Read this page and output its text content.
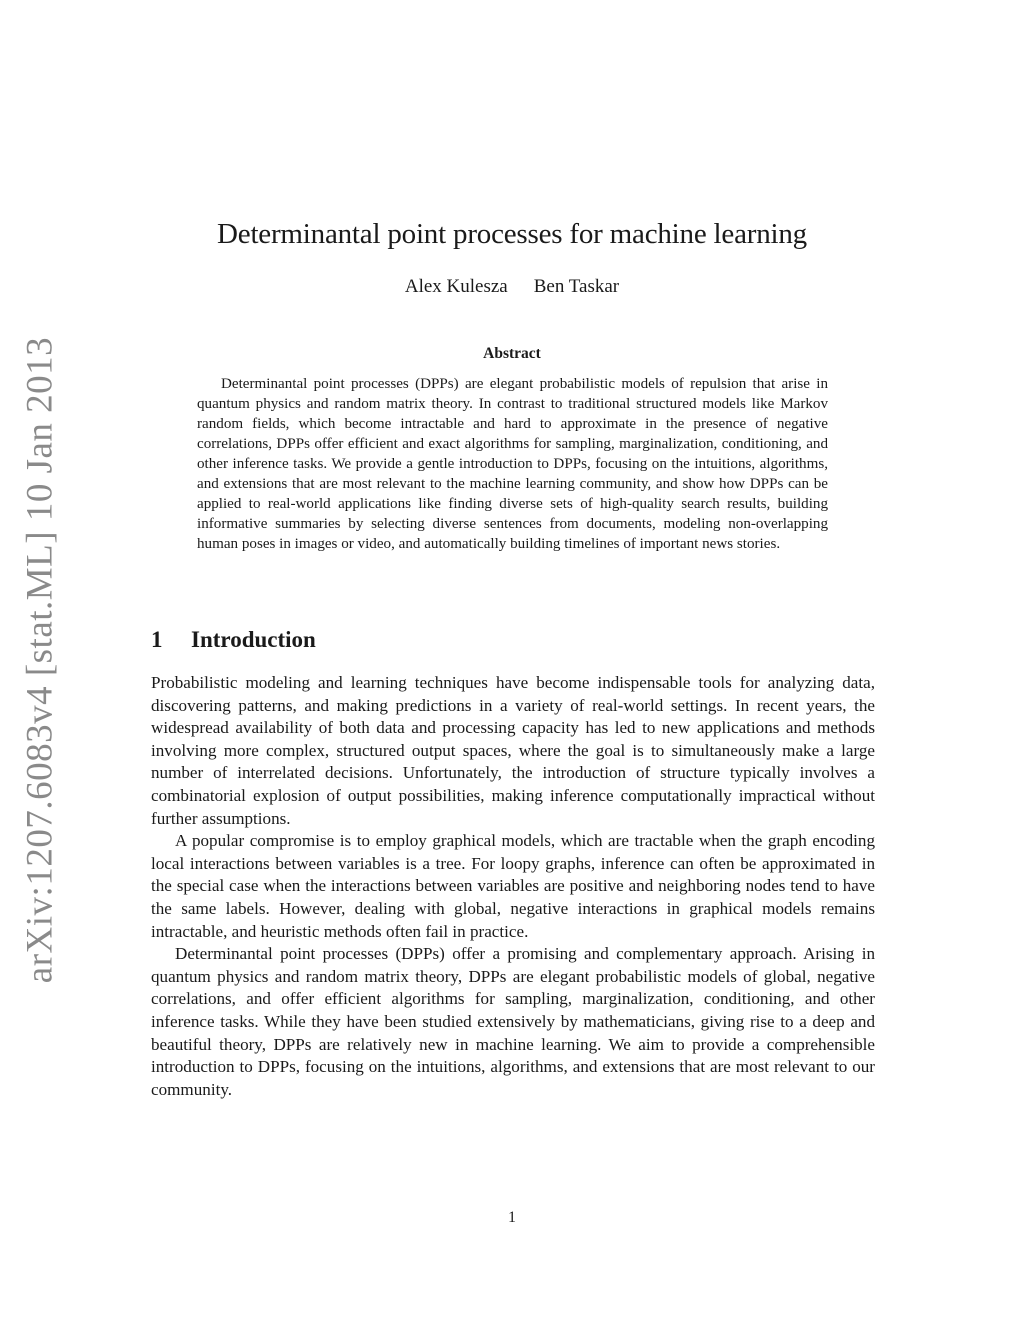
arXiv:1207.6083v4 [stat.ML] 10 Jan 2013
Determinantal point processes for machine learning
Alex Kulesza Ben Taskar
Abstract

Determinantal point processes (DPPs) are elegant probabilistic models of repulsion that arise in quantum physics and random matrix theory. In contrast to traditional structured models like Markov random fields, which become intractable and hard to approximate in the presence of negative correlations, DPPs offer efficient and exact algorithms for sampling, marginalization, conditioning, and other inference tasks. We provide a gentle introduction to DPPs, focusing on the intuitions, algorithms, and extensions that are most relevant to the machine learning community, and show how DPPs can be applied to real-world applications like finding diverse sets of high-quality search results, building informative summaries by selecting diverse sentences from documents, modeling non-overlapping human poses in images or video, and automatically building timelines of important news stories.

1 Introduction

Probabilistic modeling and learning techniques have become indispensable tools for analyzing data, discovering patterns, and making predictions in a variety of real-world settings. In recent years, the widespread availability of both data and processing capacity has led to new applications and methods involving more complex, structured output spaces, where the goal is to simultaneously make a large number of interrelated decisions. Unfortunately, the introduction of structure typically involves a combinatorial explosion of output possibilities, making inference computationally impractical without further assumptions.

A popular compromise is to employ graphical models, which are tractable when the graph encoding local interactions between variables is a tree. For loopy graphs, inference can often be approximated in the special case when the interactions between variables are positive and neighboring nodes tend to have the same labels. However, dealing with global, negative interactions in graphical models remains intractable, and heuristic methods often fail in practice.

Determinantal point processes (DPPs) offer a promising and complementary approach. Arising in quantum physics and random matrix theory, DPPs are elegant probabilistic models of global, negative correlations, and offer efficient algorithms for sampling, marginalization, conditioning, and other inference tasks. While they have been studied extensively by mathematicians, giving rise to a deep and beautiful theory, DPPs are relatively new in machine learning. We aim to provide a comprehensible introduction to DPPs, focusing on the intuitions, algorithms, and extensions that are most relevant to our community.

1
